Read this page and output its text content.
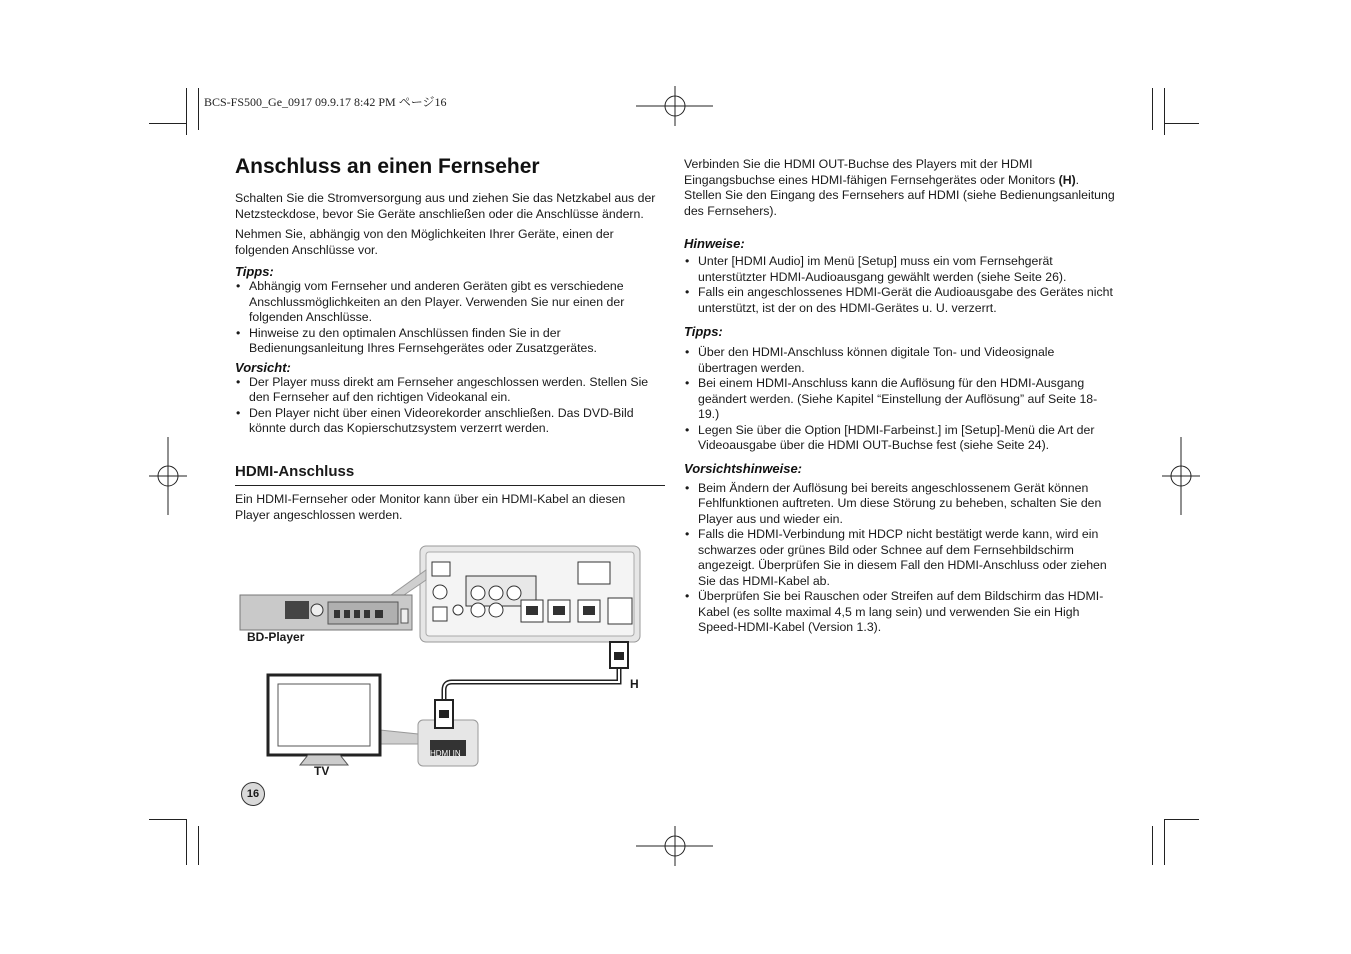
BCS-FS500_Ge_0917 09.9.17 8:42 PM ページ16
Anschluss an einen Fernseher

Schalten Sie die Stromversorgung aus und ziehen Sie das Netzkabel aus der Netzsteckdose, bevor Sie Geräte anschließen oder die Anschlüsse ändern.

Nehmen Sie, abhängig von den Möglichkeiten Ihrer Geräte, einen der folgenden Anschlüsse vor.

Tipps:
• Abhängig vom Fernseher und anderen Geräten gibt es verschiedene Anschlussmöglichkeiten an den Player. Verwenden Sie nur einen der folgenden Anschlüsse.
• Hinweise zu den optimalen Anschlüssen finden Sie in der Bedienungsanleitung Ihres Fernsehgerätes oder Zusatzgerätes.
Vorsicht:
• Der Player muss direkt am Fernseher angeschlossen werden. Stellen Sie den Fernseher auf den richtigen Videokanal ein.
• Den Player nicht über einen Videorekorder anschließen. Das DVD-Bild könnte durch das Kopierschutzsystem verzerrt werden.
HDMI-Anschluss

Ein HDMI-Fernseher oder Monitor kann über ein HDMI-Kabel an diesen Player angeschlossen werden.

BD-Player
H
HDMI IN
TV
16

Verbinden Sie die HDMI OUT-Buchse des Players mit der HDMI Eingangsbuchse eines HDMI-fähigen Fernsehgerätes oder Monitors (H). Stellen Sie den Eingang des Fernsehers auf HDMI (siehe Bedienungsanleitung des Fernsehers).

Hinweise:
• Unter [HDMI Audio] im Menü [Setup] muss ein vom Fernsehgerät unterstützter HDMI-Audioausgang gewählt werden (siehe Seite 26).
• Falls ein angeschlossenes HDMI-Gerät die Audioausgabe des Gerätes nicht unterstützt, ist der on des HDMI-Gerätes u. U. verzerrt.
Tipps:
• Über den HDMI-Anschluss können digitale Ton- und Videosignale übertragen werden.
• Bei einem HDMI-Anschluss kann die Auflösung für den HDMI-Ausgang geändert werden. (Siehe Kapitel “Einstellung der Auflösung” auf Seite 18-19.)
• Legen Sie über die Option [HDMI-Farbeinst.] im [Setup]-Menü die Art der Videoausgabe über die HDMI OUT-Buchse fest (siehe Seite 24).
Vorsichtshinweise:
• Beim Ändern der Auflösung bei bereits angeschlossenem Gerät können Fehlfunktionen auftreten. Um diese Störung zu beheben, schalten Sie den Player aus und wieder ein.
• Falls die HDMI-Verbindung mit HDCP nicht bestätigt werde kann, wird ein schwarzes oder grünes Bild oder Schnee auf dem Fernsehbildschirm angezeigt. Überprüfen Sie in diesem Fall den HDMI-Anschluss oder ziehen Sie das HDMI-Kabel ab.
• Überprüfen Sie bei Rauschen oder Streifen auf dem Bildschirm das HDMI-Kabel (es sollte maximal 4,5 m lang sein) und verwenden Sie ein High Speed-HDMI-Kabel (Version 1.3).
